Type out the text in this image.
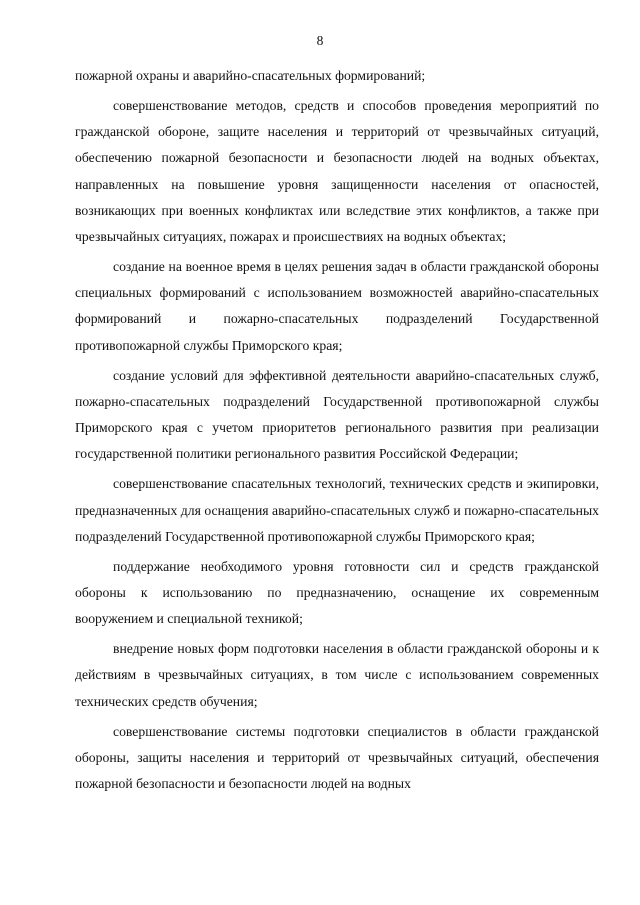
8

пожарной охраны и аварийно-спасательных формирований;

совершенствование методов, средств и способов проведения мероприятий по гражданской обороне, защите населения и территорий от чрезвычайных ситуаций, обеспечению пожарной безопасности и безопасности людей на водных объектах, направленных на повышение уровня защищенности населения от опасностей, возникающих при военных конфликтах или вследствие этих конфликтов, а также при чрезвычайных ситуациях, пожарах и происшествиях на водных объектах;

создание на военное время в целях решения задач в области гражданской обороны специальных формирований с использованием возможностей аварийно-спасательных формирований и пожарно-спасательных подразделений Государственной противопожарной службы Приморского края;

создание условий для эффективной деятельности аварийно-спасательных служб, пожарно-спасательных подразделений Государственной противопожарной службы Приморского края с учетом приоритетов регионального развития при реализации государственной политики регионального развития Российской Федерации;

совершенствование спасательных технологий, технических средств и экипировки, предназначенных для оснащения аварийно-спасательных служб и пожарно-спасательных подразделений Государственной противопожарной службы Приморского края;

поддержание необходимого уровня готовности сил и средств гражданской обороны к использованию по предназначению, оснащение их современным вооружением и специальной техникой;

внедрение новых форм подготовки населения в области гражданской обороны и к действиям в чрезвычайных ситуациях, в том числе с использованием современных технических средств обучения;

совершенствование системы подготовки специалистов в области гражданской обороны, защиты населения и территорий от чрезвычайных ситуаций, обеспечения пожарной безопасности и безопасности людей на водных
